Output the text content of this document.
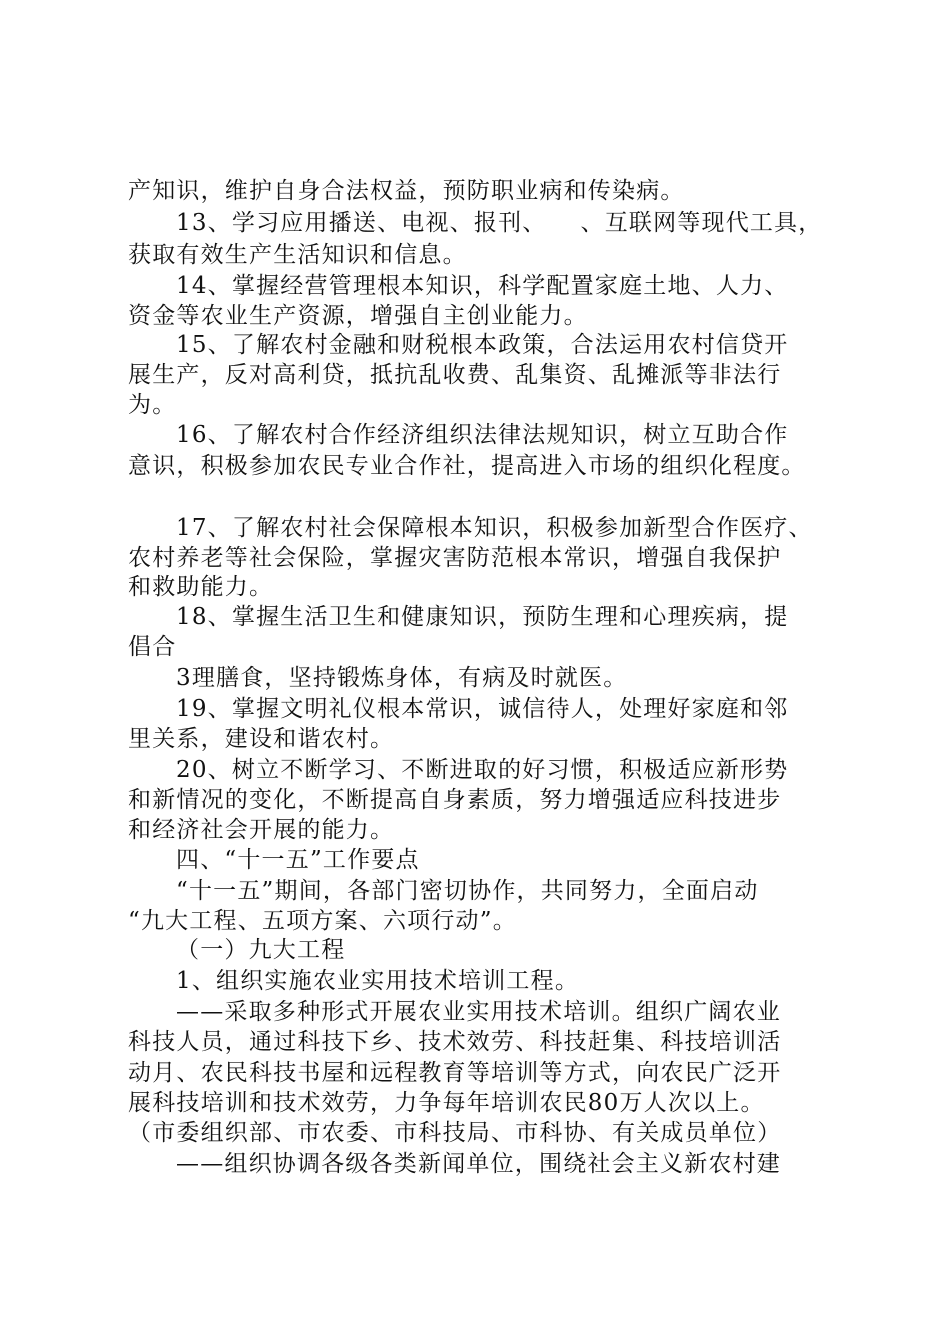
产知识，维护自身合法权益，预防职业病和传染病。
13、学习应用播送、电视、报刊、    、互联网等现代工具，
获取有效生产生活知识和信息。
14、掌握经营管理根本知识，科学配置家庭土地、人力、
资金等农业生产资源，增强自主创业能力。
15、了解农村金融和财税根本政策，合法运用农村信贷开
展生产，反对高利贷，抵抗乱收费、乱集资、乱摊派等非法行
为。
16、了解农村合作经济组织法律法规知识，树立互助合作
意识，积极参加农民专业合作社，提高进入市场的组织化程度。
17、了解农村社会保障根本知识，积极参加新型合作医疗、
农村养老等社会保险，掌握灾害防范根本常识，增强自我保护
和救助能力。
18、掌握生活卫生和健康知识，预防生理和心理疾病，提
倡合
3理膳食，坚持锻炼身体，有病及时就医。
19、掌握文明礼仪根本常识，诚信待人，处理好家庭和邻
里关系，建设和谐农村。
20、树立不断学习、不断进取的好习惯，积极适应新形势
和新情况的变化，不断提高自身素质，努力增强适应科技进步
和经济社会开展的能力。
四、“十一五”工作要点
“十一五”期间，各部门密切协作，共同努力，全面启动
“九大工程、五项方案、六项行动”。
（一）九大工程
1、组织实施农业实用技术培训工程。
——采取多种形式开展农业实用技术培训。组织广阔农业
科技人员，通过科技下乡、技术效劳、科技赶集、科技培训活
动月、农民科技书屋和远程教育等培训等方式，向农民广泛开
展科技培训和技术效劳，力争每年培训农民80万人次以上。
（市委组织部、市农委、市科技局、市科协、有关成员单位）
——组织协调各级各类新闻单位，围绕社会主义新农村建
